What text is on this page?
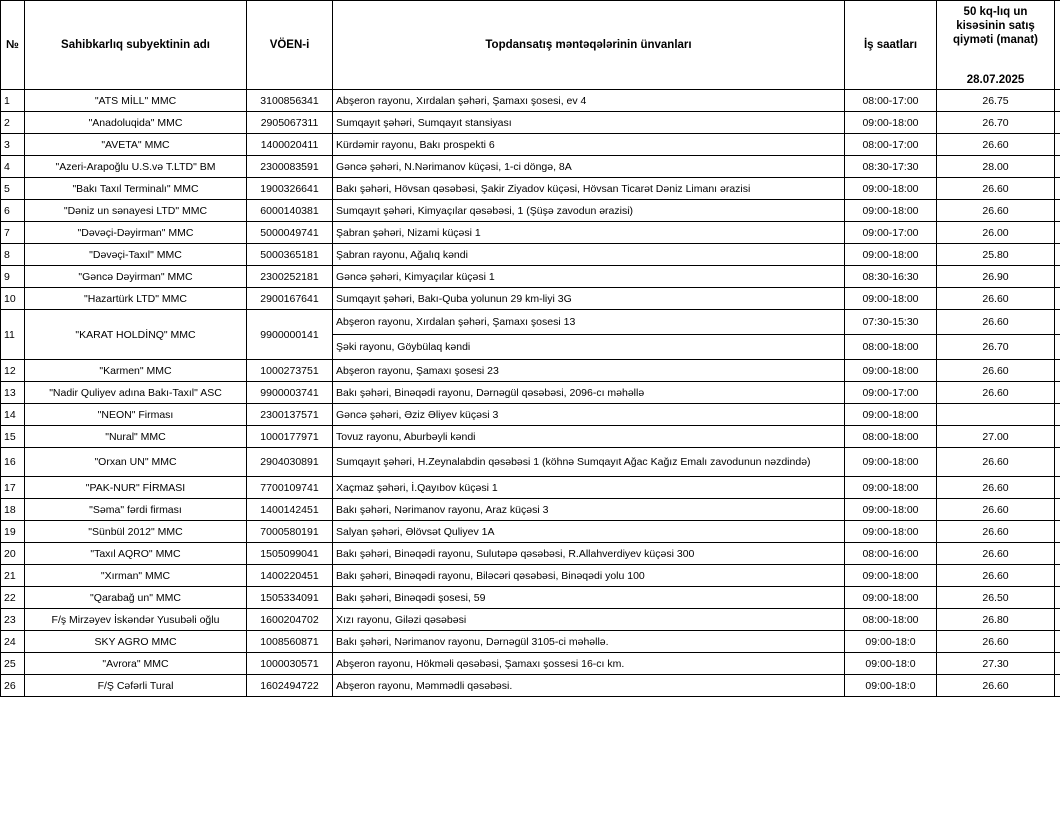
№	Sahibkarlıq subyektinin adı	VÖEN-i	Topdansatış məntəqələrinin ünvanları	İş saatları	50 kq-lıq un kisəsinin satış qiyməti (manat)
28.07.2025	

1	"ATS MİLL" MMC	3100856341	Abşeron rayonu, Xırdalan şəhəri, Şamaxı şosesi, ev 4	08:00-17:00	26.75	
2	"Anadoluqida" MMC	2905067311	Sumqayıt şəhəri, Sumqayıt stansiyası	09:00-18:00	26.70	
3	"AVETA" MMC	1400020411	Kürdəmir rayonu, Bakı prospekti 6	08:00-17:00	26.60	
4	"Azeri-Arapoğlu U.S.və T.LTD" BM	2300083591	Gəncə şəhəri, N.Nərimanov küçəsi, 1-ci döngə, 8A	08:30-17:30	28.00	
5	"Bakı Taxıl Terminalı" MMC	1900326641	Bakı şəhəri, Hövsan qəsəbəsi, Şakir Ziyadov küçəsi, Hövsan Ticarət Dəniz Limanı ərazisi	09:00-18:00	26.60	
6	"Dəniz un sənayesi LTD" MMC	6000140381	Sumqayıt şəhəri, Kimyaçılar qəsəbəsi, 1 (Şüşə zavodun ərazisi)	09:00-18:00	26.60	
7	"Dəvəçi-Dəyirman" MMC	5000049741	Şabran şəhəri, Nizami küçəsi 1	09:00-17:00	26.00	
8	"Dəvəçi-Taxıl" MMC	5000365181	Şabran rayonu, Ağalıq kəndi	09:00-18:00	25.80	
9	"Gəncə Dəyirman" MMC	2300252181	Gəncə şəhəri, Kimyaçılar küçəsi 1	08:30-16:30	26.90	
10	"Hazartürk LTD" MMC	2900167641	Sumqayıt şəhəri, Bakı-Quba yolunun 29 km-liyi 3G	09:00-18:00	26.60	
11	"KARAT HOLDİNQ" MMC	9900000141	Abşeron rayonu, Xırdalan şəhəri, Şamaxı şosesi 13	07:30-15:30	26.60	
			Şəki rayonu, Göybülaq kəndi	08:00-18:00	26.70	
12	"Karmen" MMC	1000273751	Abşeron rayonu, Şamaxı şosesi 23	09:00-18:00	26.60	
13	"Nadir Quliyev adına Bakı-Taxıl" ASC	9900003741	Bakı şəhəri, Binəqədi rayonu, Dərnəgül qəsəbəsi, 2096-cı məhəllə	09:00-17:00	26.60	
14	"NEON" Firması	2300137571	Gəncə şəhəri, Əziz Əliyev küçəsi 3	09:00-18:00		
15	"Nural" MMC	1000177971	Tovuz rayonu, Aburbəyli kəndi	08:00-18:00	27.00	
16	"Orxan UN" MMC	2904030891	Sumqayıt şəhəri, H.Zeynalabdin qəsəbəsi 1 (köhnə Sumqayıt Ağac Kağız Emalı zavodunun nəzdində)	09:00-18:00	26.60	
17	"PAK-NUR" FİRMASI	7700109741	Xaçmaz şəhəri, İ.Qayıbov küçəsi 1	09:00-18:00	26.60	
18	"Səma" fərdi firması	1400142451	Bakı şəhəri, Nərimanov rayonu, Araz küçəsi 3	09:00-18:00	26.60	
19	"Sünbül 2012" MMC	7000580191	Salyan şəhəri, Əlövsət Quliyev 1A	09:00-18:00	26.60	
20	"Taxıl AQRO" MMC	1505099041	Bakı şəhəri, Binəqədi rayonu, Sulutəpə qəsəbəsi, R.Allahverdiyev küçəsi 300	08:00-16:00	26.60	
21	"Xırman" MMC	1400220451	Bakı şəhəri, Binəqədi rayonu, Biləcəri qəsəbəsi, Binəqədi yolu 100	09:00-18:00	26.60	
22	"Qarabağ un" MMC	1505334091	Bakı şəhəri, Binəqədi şosesi, 59	09:00-18:00	26.50	
23	F/ş Mirzəyev İskəndər Yusubəli oğlu	1600204702	Xızı rayonu, Giləzi qəsəbəsi	08:00-18:00	26.80	
24	SKY AGRO MMC	1008560871	Bakı şəhəri, Nərimanov rayonu, Dərnəgül 3105-ci məhəllə.	09:00-18:0	26.60	
25	"Avrora" MMC	1000030571	Abşeron rayonu, Hökməli qəsəbəsi, Şamaxı şossesi 16-cı km.	09:00-18:0	27.30	
26	F/Ş Cəfərli Tural	1602494722	Abşeron rayonu, Məmmədli qəsəbəsi.	09:00-18:0	26.60	
